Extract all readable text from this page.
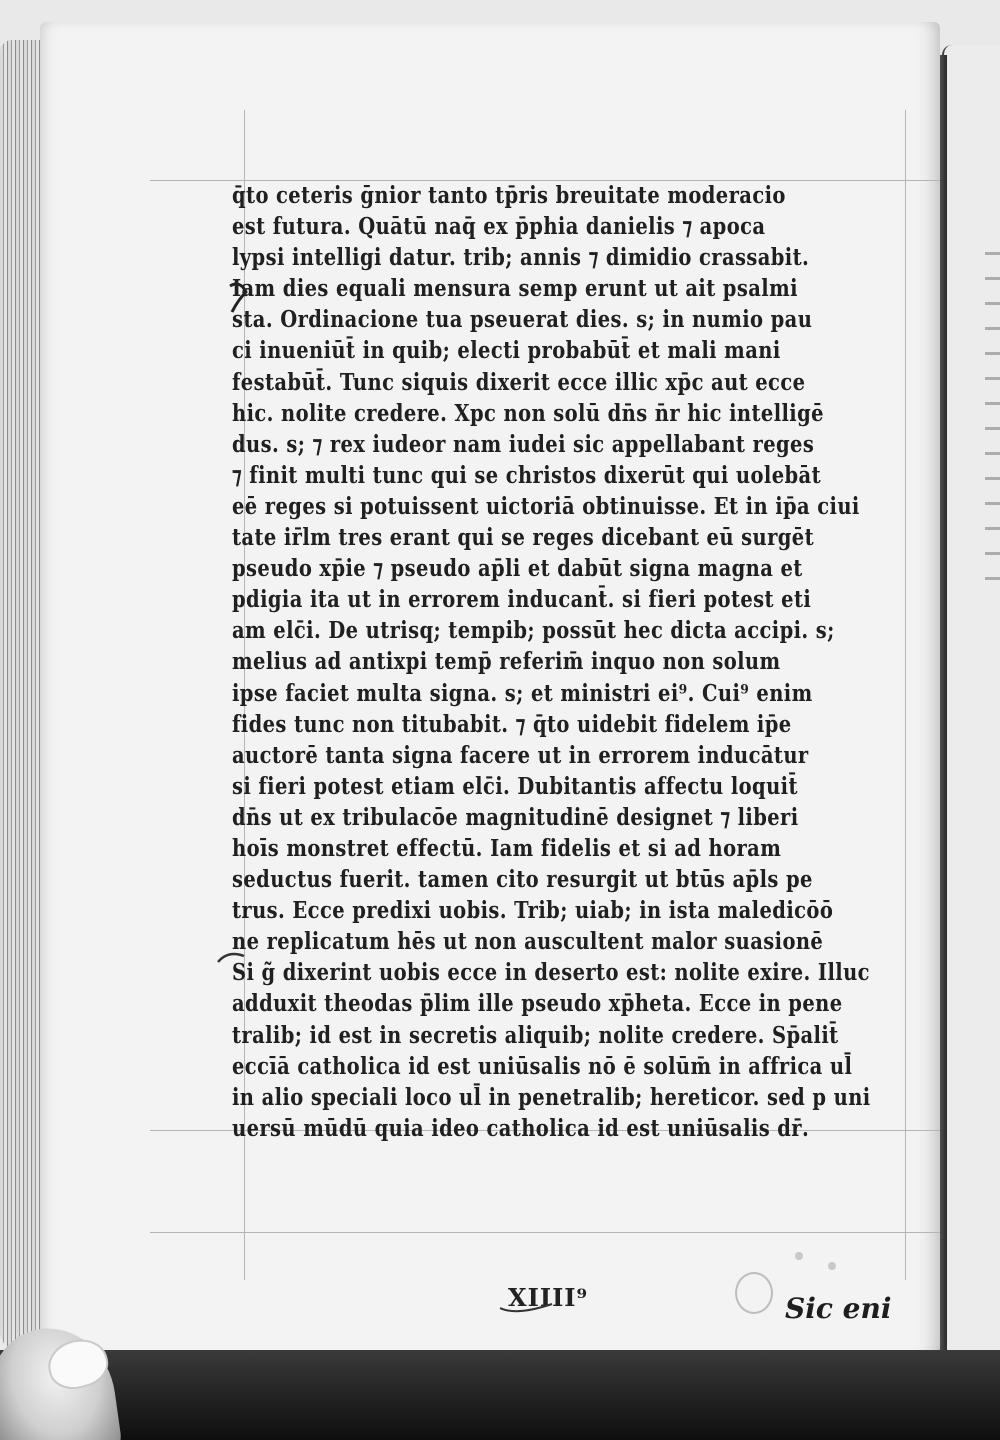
q̄to ceteris ḡnior tanto tp̄ris breuitate moderacio
est futura. Quātū naq̄ ex p̄phia danielis ⁊ apoca
lypsi intelligi datur. trib; annis ⁊ dimidio crassabit.
Iam dies equali mensura semp erunt ut ait psalmi
sta. Ordinacione tua pseuerat dies. s; in numio pau
ci inueniūt̄ in quib; electi probabūt̄ et mali mani
festabūt̄. Tunc siquis dixerit ecce illic xp̄c aut ecce
hic. nolite credere. Xpc non solū dn̄s n̄r hic intelligē
dus. s; ⁊ rex iudeor nam iudei sic appellabant reges
⁊ finit multi tunc qui se christos dixerūt qui uolebāt
eē reges si potuissent uictoriā obtinuisse. Et in ip̄a ciui
tate ir̄lm tres erant qui se reges dicebant eū surgēt
pseudo xp̄ie ⁊ pseudo ap̄li et dabūt signa magna et
pdigia ita ut in errorem inducant̄. si fieri potest eti
am elc̄i. De utrisq; tempib; possūt hec dicta accipi. s;
melius ad antixpi temp̄ referim̄ inquo non solum
ipse faciet multa signa. s; et ministri ei⁹. Cui⁹ enim
fides tunc non titubabit. ⁊ q̄to uidebit fidelem ip̄e
auctorē tanta signa facere ut in errorem inducātur
si fieri potest etiam elc̄i. Dubitantis affectu loquit̄
dn̄s ut ex tribulacōe magnitudinē designet ⁊ liberi
hoīs monstret effectū. Iam fidelis et si ad horam
seductus fuerit. tamen cito resurgit ut btūs ap̄ls pe
trus. Ecce predixi uobis. Trib; uiab; in ista maledicōō
ne replicatum hēs ut non auscultent malor suasionē
Si g̃ dixerint uobis ecce in deserto est: nolite exire. Illuc
adduxit theodas p̄lim ille pseudo xp̄heta. Ecce in pene
tralib; id est in secretis aliquib; nolite credere. Sp̄alit̄
eccīā catholica id est uniūsalis nō ē solūm̄ in affrica ul̄
in alio speciali loco ul̄ in penetralib; hereticor. sed p uni
uersū mūdū quia ideo catholica id est uniūsalis dr̄.
XIIII⁹	Sic eni
